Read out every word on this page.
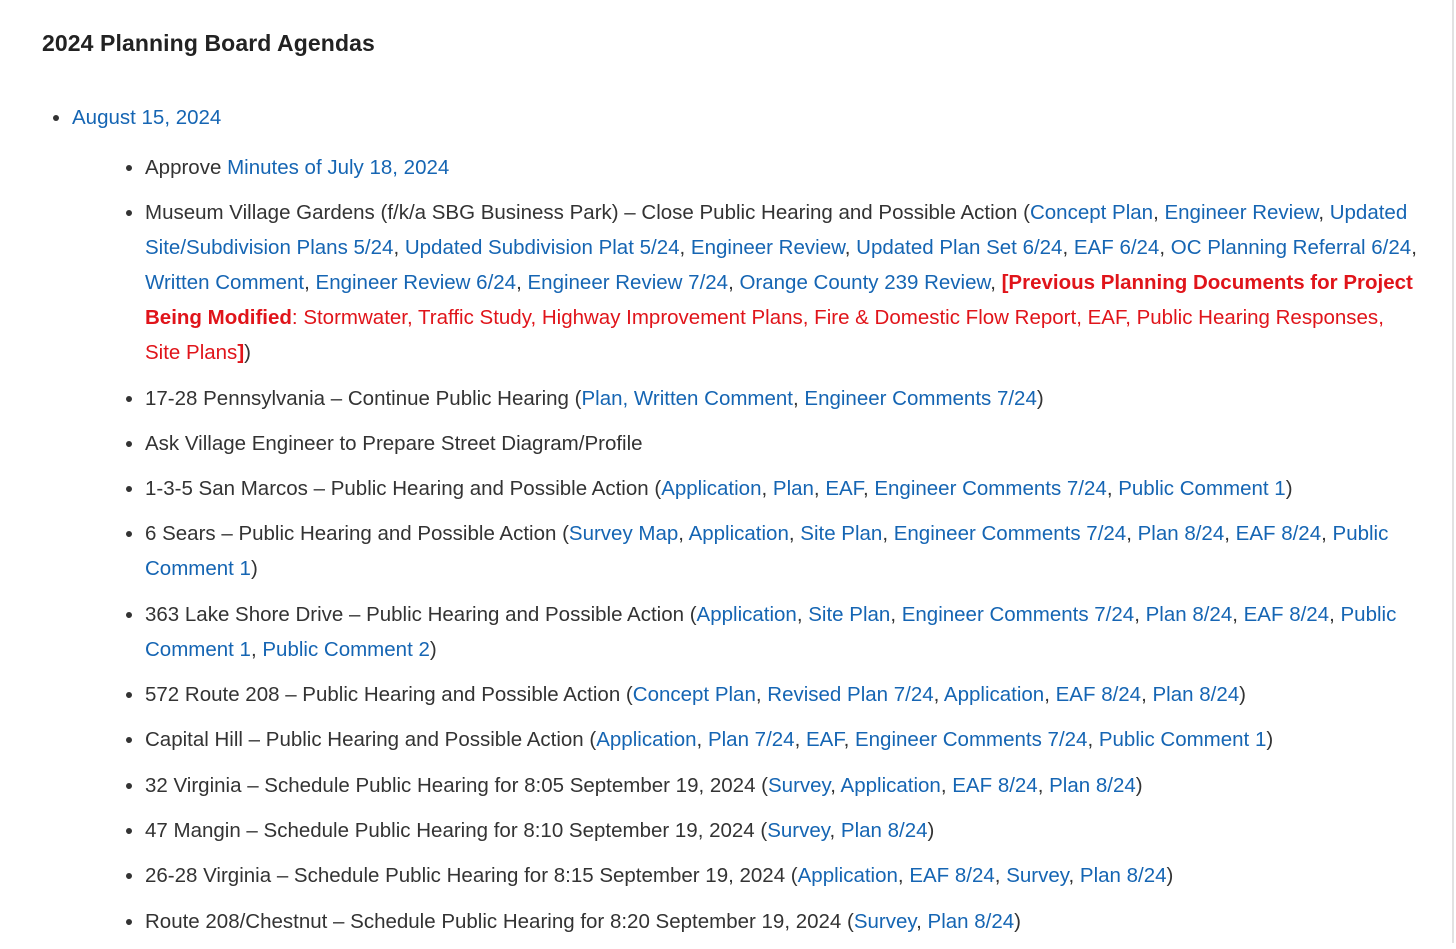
2024 Planning Board Agendas
• August 15, 2024
• Approve Minutes of July 18, 2024
• Museum Village Gardens (f/k/a SBG Business Park) – Close Public Hearing and Possible Action (Concept Plan, Engineer Review, Updated Site/Subdivision Plans 5/24, Updated Subdivision Plat 5/24, Engineer Review, Updated Plan Set 6/24, EAF 6/24, OC Planning Referral 6/24, Written Comment, Engineer Review 6/24, Engineer Review 7/24, Orange County 239 Review, [Previous Planning Documents for Project Being Modified: Stormwater, Traffic Study, Highway Improvement Plans, Fire & Domestic Flow Report, EAF, Public Hearing Responses, Site Plans])
• 17-28 Pennsylvania – Continue Public Hearing (Plan, Written Comment, Engineer Comments 7/24)
• Ask Village Engineer to Prepare Street Diagram/Profile
• 1-3-5 San Marcos – Public Hearing and Possible Action (Application, Plan, EAF, Engineer Comments 7/24, Public Comment 1)
• 6 Sears – Public Hearing and Possible Action (Survey Map, Application, Site Plan, Engineer Comments 7/24, Plan 8/24, EAF 8/24, Public Comment 1)
• 363 Lake Shore Drive – Public Hearing and Possible Action (Application, Site Plan, Engineer Comments 7/24, Plan 8/24, EAF 8/24, Public Comment 1, Public Comment 2)
• 572 Route 208 – Public Hearing and Possible Action (Concept Plan, Revised Plan 7/24, Application, EAF 8/24, Plan 8/24)
• Capital Hill – Public Hearing and Possible Action (Application, Plan 7/24, EAF, Engineer Comments 7/24, Public Comment 1)
• 32 Virginia – Schedule Public Hearing for 8:05 September 19, 2024 (Survey, Application, EAF 8/24, Plan 8/24)
• 47 Mangin – Schedule Public Hearing for 8:10 September 19, 2024 (Survey, Plan 8/24)
• 26-28 Virginia – Schedule Public Hearing for 8:15 September 19, 2024 (Application, EAF 8/24, Survey, Plan 8/24)
• Route 208/Chestnut – Schedule Public Hearing for 8:20 September 19, 2024 (Survey, Plan 8/24)
